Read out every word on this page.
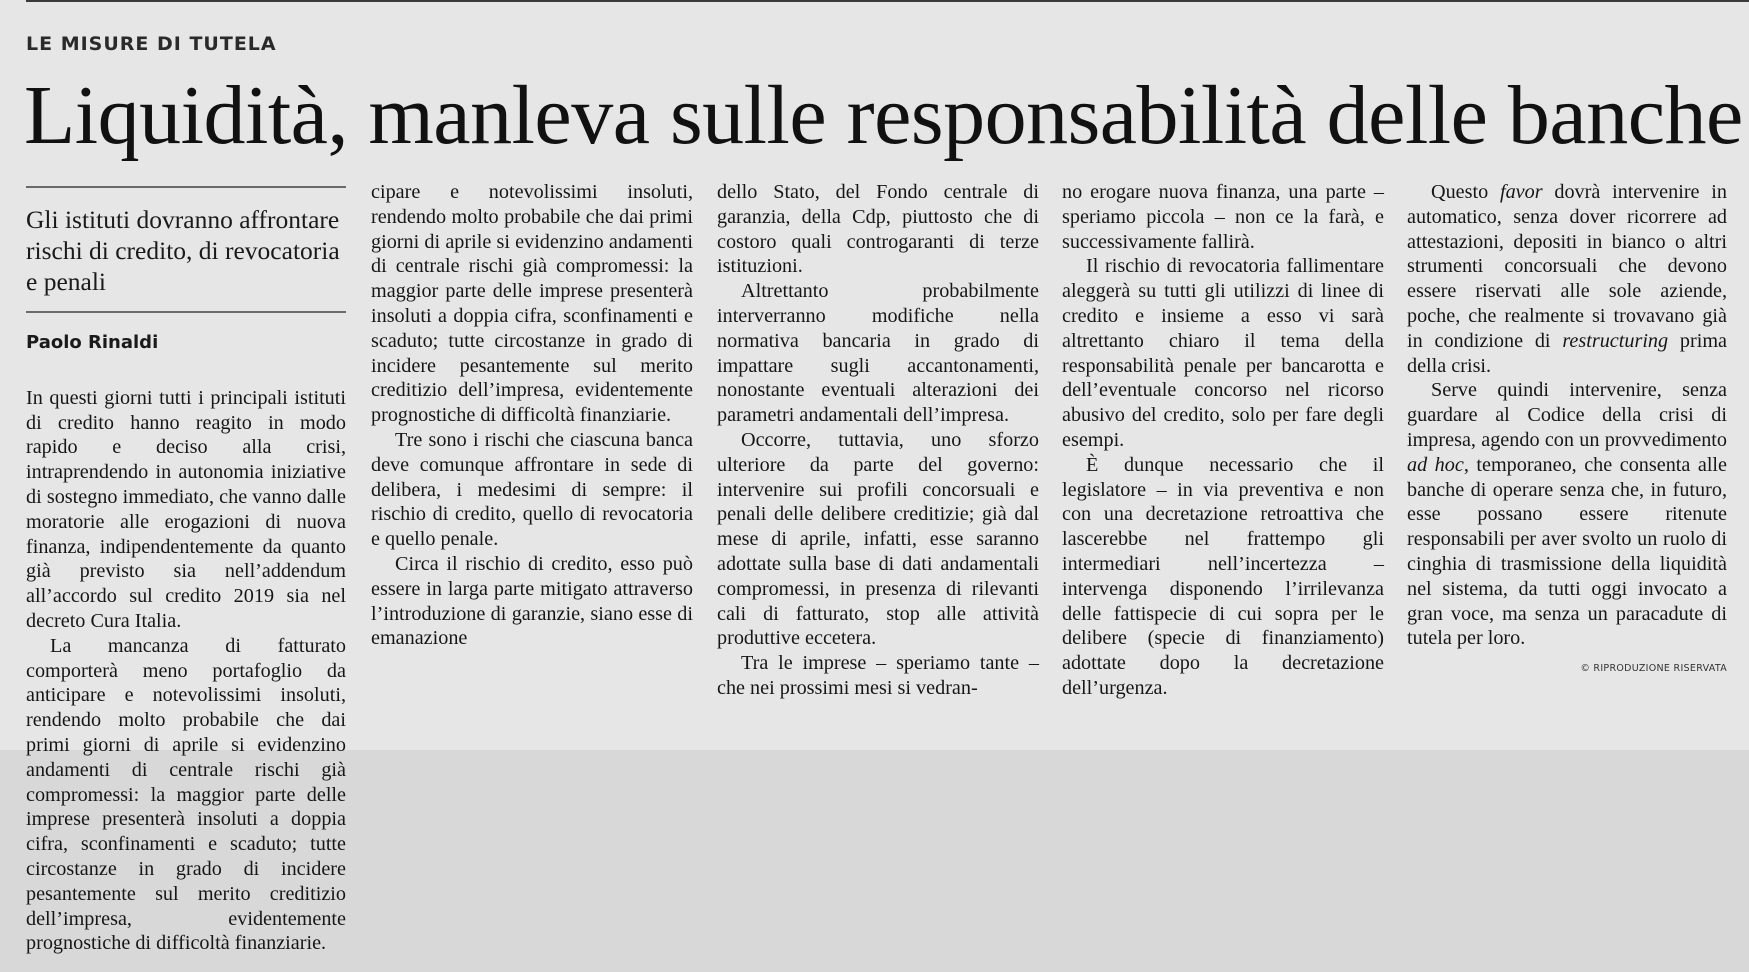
LE MISURE DI TUTELA
Liquidità, manleva sulle responsabilità delle banche
Gli istituti dovranno affrontare rischi di credito, di revocatoria e penali
Paolo Rinaldi

In questi giorni tutti i principali istituti di credito hanno reagito in modo rapido e deciso alla crisi, intraprendendo in autonomia iniziative di sostegno immediato, che vanno dalle moratorie alle erogazioni di nuova finanza, indipendentemente da quanto già previsto sia nell’addendum all’accordo sul credito 2019 sia nel decreto Cura Italia.

La mancanza di fatturato comporterà meno portafoglio da anticipare e notevolissimi insoluti, rendendo molto probabile che dai primi giorni di aprile si evidenzino andamenti di centrale rischi già compromessi: la maggior parte delle imprese presenterà insoluti a doppia cifra, sconfinamenti e scaduto; tutte circostanze in grado di incidere pesantemente sul merito creditizio dell’impresa, evidentemente prognostiche di difficoltà finanziarie.

cipare e notevolissimi insoluti, rendendo molto probabile che dai primi giorni di aprile si evidenzino andamenti di centrale rischi già compromessi: la maggior parte delle imprese presenterà insoluti a doppia cifra, sconfinamenti e scaduto; tutte circostanze in grado di incidere pesantemente sul merito creditizio dell’impresa, evidentemente prognostiche di difficoltà finanziarie.

Tre sono i rischi che ciascuna banca deve comunque affrontare in sede di delibera, i medesimi di sempre: il rischio di credito, quello di revocatoria e quello penale.

Circa il rischio di credito, esso può essere in larga parte mitigato attraverso l’introduzione di garanzie, siano esse di emanazione

dello Stato, del Fondo centrale di garanzia, della Cdp, piuttosto che di costoro quali controgaranti di terze istituzioni.

Altrettanto probabilmente interverranno modifiche nella normativa bancaria in grado di impattare sugli accantonamenti, nonostante eventuali alterazioni dei parametri andamentali dell’impresa.

Occorre, tuttavia, uno sforzo ulteriore da parte del governo: intervenire sui profili concorsuali e penali delle delibere creditizie; già dal mese di aprile, infatti, esse saranno adottate sulla base di dati andamentali compromessi, in presenza di rilevanti cali di fatturato, stop alle attività produttive eccetera.

Tra le imprese – speriamo tante – che nei prossimi mesi si vedran-

no erogare nuova finanza, una parte – speriamo piccola – non ce la farà, e successivamente fallirà.

Il rischio di revocatoria fallimentare aleggerà su tutti gli utilizzi di linee di credito e insieme a esso vi sarà altrettanto chiaro il tema della responsabilità penale per bancarotta e dell’eventuale concorso nel ricorso abusivo del credito, solo per fare degli esempi.

È dunque necessario che il legislatore – in via preventiva e non con una decretazione retroattiva che lascerebbe nel frattempo gli intermediari nell’incertezza –intervenga disponendo l’irrilevanza delle fattispecie di cui sopra per le delibere (specie di finanziamento) adottate dopo la decretazione dell’urgenza.

Questo favor dovrà intervenire in automatico, senza dover ricorrere ad attestazioni, depositi in bianco o altri strumenti concorsuali che devono essere riservati alle sole aziende, poche, che realmente si trovavano già in condizione di restructuring prima della crisi.

Serve quindi intervenire, senza guardare al Codice della crisi di impresa, agendo con un provvedimento ad hoc, temporaneo, che consenta alle banche di operare senza che, in futuro, esse possano essere ritenute responsabili per aver svolto un ruolo di cinghia di trasmissione della liquidità nel sistema, da tutti oggi invocato a gran voce, ma senza un paracadute di tutela per loro.

© RIPRODUZIONE RISERVATA
